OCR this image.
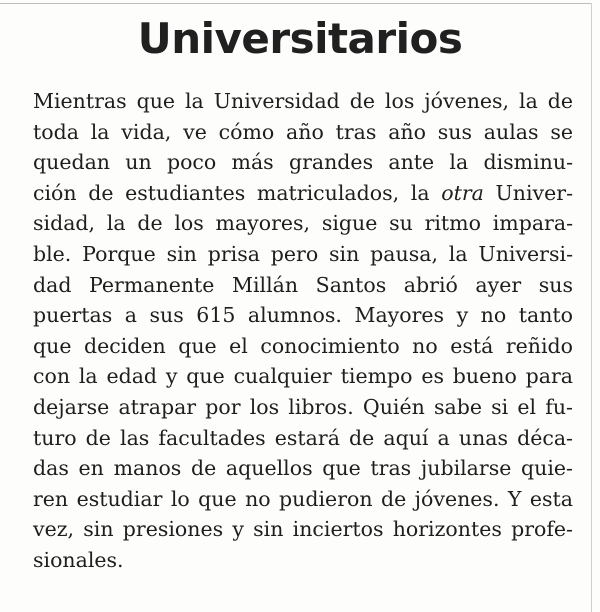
Universitarios

Mientras que la Universidad de los jóvenes, la de
toda la vida, ve cómo año tras año sus aulas se
quedan un poco más grandes ante la disminu-
ción de estudiantes matriculados, la otra Univer-
sidad, la de los mayores, sigue su ritmo impara-
ble. Porque sin prisa pero sin pausa, la Universi-
dad Permanente Millán Santos abrió ayer sus
puertas a sus 615 alumnos. Mayores y no tanto
que deciden que el conocimiento no está reñido
con la edad y que cualquier tiempo es bueno para
dejarse atrapar por los libros. Quién sabe si el fu-
turo de las facultades estará de aquí a unas déca-
das en manos de aquellos que tras jubilarse quie-
ren estudiar lo que no pudieron de jóvenes. Y esta
vez, sin presiones y sin inciertos horizontes profe-
sionales.
